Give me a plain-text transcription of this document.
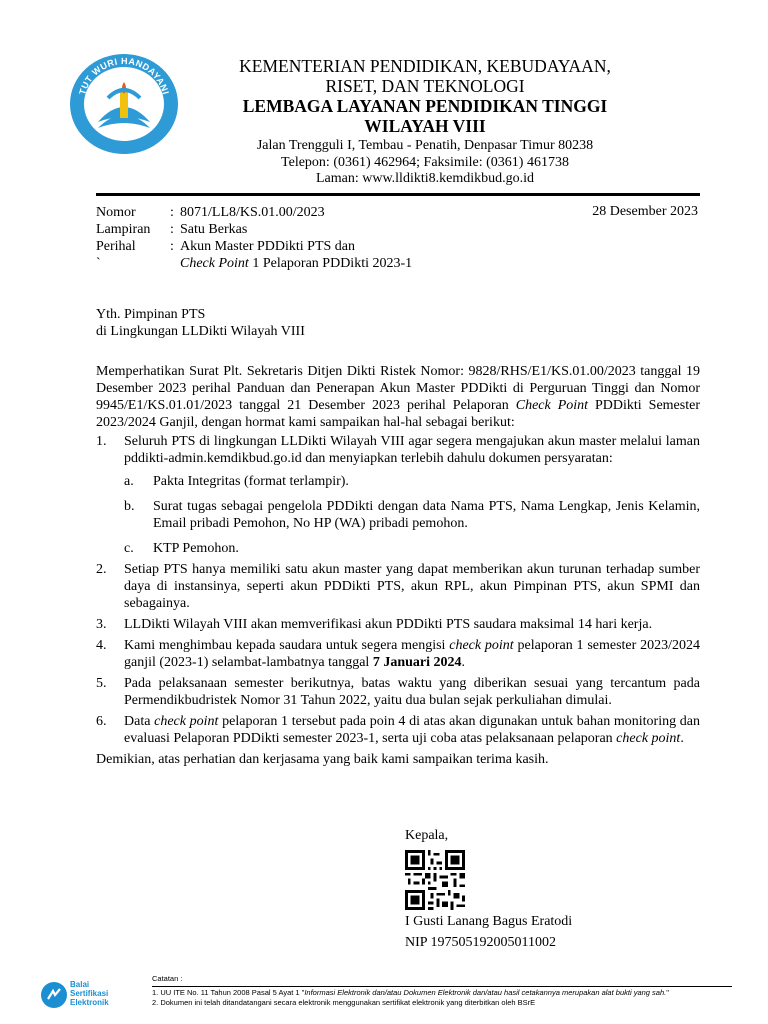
TUT WURI HANDAYANI
KEMENTERIAN PENDIDIKAN, KEBUDAYAAN,
RISET, DAN TEKNOLOGI
LEMBAGA LAYANAN PENDIDIKAN TINGGI
WILAYAH VIII
Jalan Trengguli I, Tembau - Penatih, Denpasar Timur 80238
Telepon: (0361) 462964; Faksimile: (0361) 461738
Laman: www.lldikti8.kemdikbud.go.id
Nomor	: 8071/LL8/KS.01.00/2023
Lampiran	: Satu Berkas
Perihal	: Akun Master PDDikti PTS dan
`	Check Point 1 Pelaporan PDDikti 2023-1
28 Desember 2023
Yth. Pimpinan PTS
di Lingkungan LLDikti Wilayah VIII

Memperhatikan Surat Plt. Sekretaris Ditjen Dikti Ristek Nomor: 9828/RHS/E1/KS.01.00/2023 tanggal 19 Desember 2023 perihal Panduan dan Penerapan Akun Master PDDikti di Perguruan Tinggi dan Nomor 9945/E1/KS.01.01/2023 tanggal 21 Desember 2023 perihal Pelaporan Check Point PDDikti Semester 2023/2024 Ganjil, dengan hormat kami sampaikan hal-hal sebagai berikut:

1. Seluruh PTS di lingkungan LLDikti Wilayah VIII agar segera mengajukan akun master melalui laman pddikti-admin.kemdikbud.go.id dan menyiapkan terlebih dahulu dokumen persyaratan:
a. Pakta Integritas (format terlampir).
b. Surat tugas sebagai pengelola PDDikti dengan data Nama PTS, Nama Lengkap, Jenis Kelamin, Email pribadi Pemohon, No HP (WA) pribadi pemohon.
c. KTP Pemohon.
2. Setiap PTS hanya memiliki satu akun master yang dapat memberikan akun turunan terhadap sumber daya di instansinya, seperti akun PDDikti PTS, akun RPL, akun Pimpinan PTS, akun SPMI dan sebagainya.
3. LLDikti Wilayah VIII akan memverifikasi akun PDDikti PTS saudara maksimal 14 hari kerja.
4. Kami menghimbau kepada saudara untuk segera mengisi check point pelaporan 1 semester 2023/2024 ganjil (2023-1) selambat-lambatnya tanggal 7 Januari 2024.
5. Pada pelaksanaan semester berikutnya, batas waktu yang diberikan sesuai yang tercantum pada Permendikbudristek Nomor 31 Tahun 2022, yaitu dua bulan sejak perkuliahan dimulai.
6. Data check point pelaporan 1 tersebut pada poin 4 di atas akan digunakan untuk bahan monitoring dan evaluasi Pelaporan PDDikti semester 2023-1, serta uji coba atas pelaksanaan pelaporan check point.

Demikian, atas perhatian dan kerjasama yang baik kami sampaikan terima kasih.

Kepala,
I Gusti Lanang Bagus Eratodi
NIP 197505192005011002
Balai
Sertifikasi
Elektronik
Catatan :
1. UU ITE No. 11 Tahun 2008 Pasal 5 Ayat 1 "Informasi Elektronik dan/atau Dokumen Elektronik dan/atau hasil cetakannya merupakan alat bukti yang sah."
2. Dokumen ini telah ditandatangani secara elektronik menggunakan sertifikat elektronik yang diterbitkan oleh BSrE
